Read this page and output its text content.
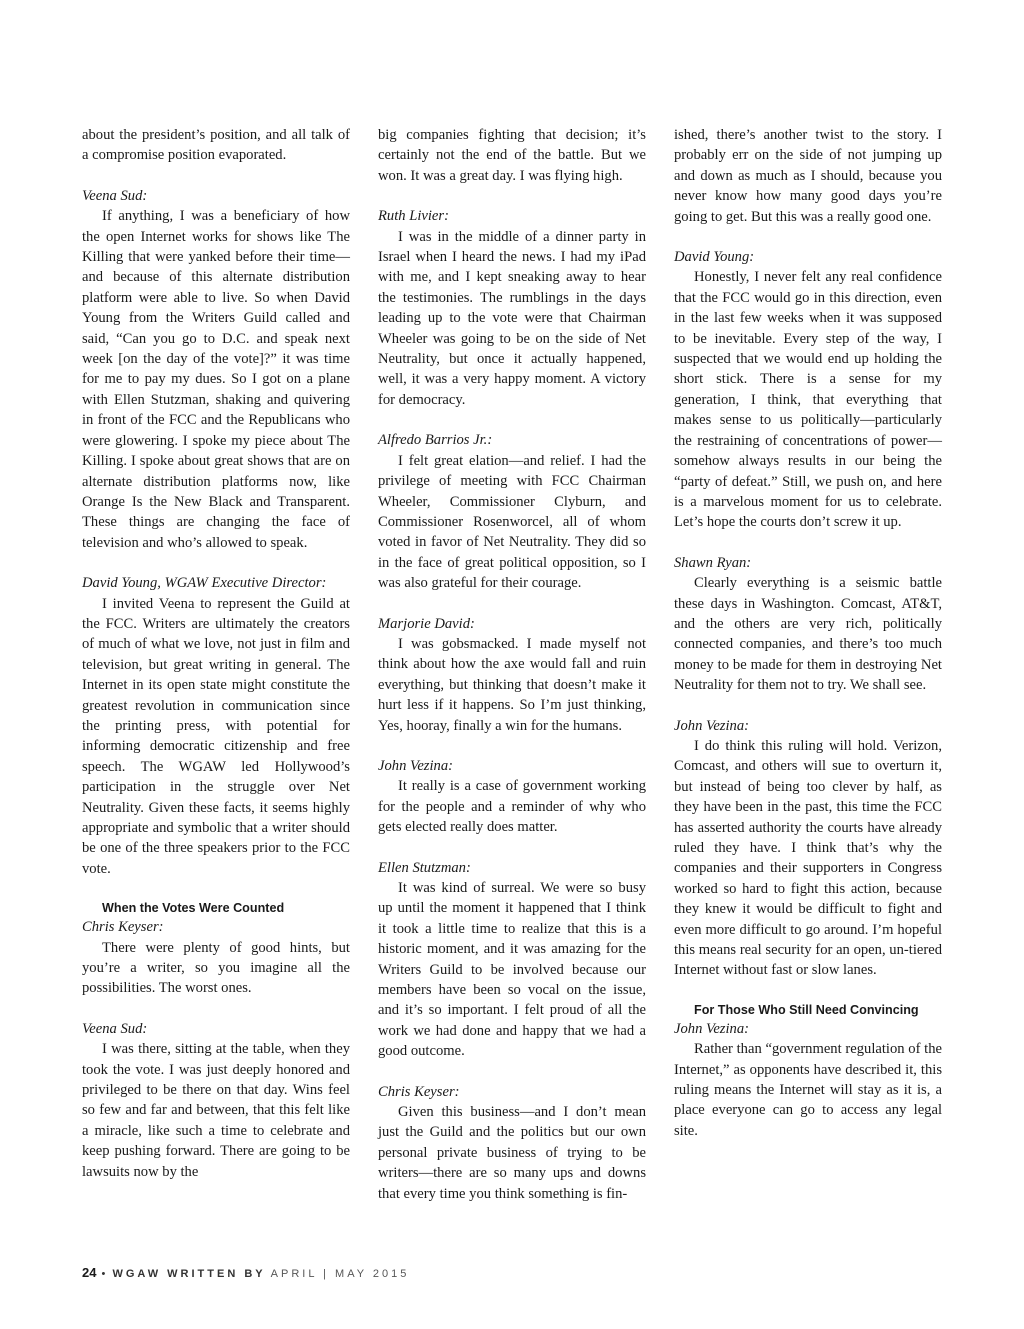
about the president’s position, and all talk of a compromise position evaporated.

Veena Sud:

If anything, I was a beneficiary of how the open Internet works for shows like The Killing that were yanked before their time—and because of this alternate distribution platform were able to live. So when David Young from the Writers Guild called and said, “Can you go to D.C. and speak next week [on the day of the vote]?” it was time for me to pay my dues. So I got on a plane with Ellen Stutzman, shaking and quivering in front of the FCC and the Republicans who were glowering. I spoke my piece about The Killing. I spoke about great shows that are on alternate distribution platforms now, like Orange Is the New Black and Transparent. These things are changing the face of television and who’s allowed to speak.

David Young, WGAW Executive Director:

I invited Veena to represent the Guild at the FCC. Writers are ultimately the creators of much of what we love, not just in film and television, but great writing in general. The Internet in its open state might constitute the greatest revolution in communication since the printing press, with potential for informing democratic citizenship and free speech. The WGAW led Hollywood’s participation in the struggle over Net Neutrality. Given these facts, it seems highly appropriate and symbolic that a writer should be one of the three speakers prior to the FCC vote.

When the Votes Were Counted

Chris Keyser:

There were plenty of good hints, but you’re a writer, so you imagine all the possibilities. The worst ones.

Veena Sud:

I was there, sitting at the table, when they took the vote. I was just deeply honored and privileged to be there on that day. Wins feel so few and far and between, that this felt like a miracle, like such a time to celebrate and keep pushing forward. There are going to be lawsuits now by the

big companies fighting that decision; it’s certainly not the end of the battle. But we won. It was a great day. I was flying high.

Ruth Livier:

I was in the middle of a dinner party in Israel when I heard the news. I had my iPad with me, and I kept sneaking away to hear the testimonies. The rumblings in the days leading up to the vote were that Chairman Wheeler was going to be on the side of Net Neutrality, but once it actually happened, well, it was a very happy moment. A victory for democracy.

Alfredo Barrios Jr.:

I felt great elation—and relief. I had the privilege of meeting with FCC Chairman Wheeler, Commissioner Clyburn, and Commissioner Rosenworcel, all of whom voted in favor of Net Neutrality. They did so in the face of great political opposition, so I was also grateful for their courage.

Marjorie David:

I was gobsmacked. I made myself not think about how the axe would fall and ruin everything, but thinking that doesn’t make it hurt less if it happens. So I’m just thinking, Yes, hooray, finally a win for the humans.

John Vezina:

It really is a case of government working for the people and a reminder of why who gets elected really does matter.

Ellen Stutzman:

It was kind of surreal. We were so busy up until the moment it happened that I think it took a little time to realize that this is a historic moment, and it was amazing for the Writers Guild to be involved because our members have been so vocal on the issue, and it’s so important. I felt proud of all the work we had done and happy that we had a good outcome.

Chris Keyser:

Given this business—and I don’t mean just the Guild and the politics but our own personal private business of trying to be writers—there are so many ups and downs that every time you think something is fin-

ished, there’s another twist to the story. I probably err on the side of not jumping up and down as much as I should, because you never know how many good days you’re going to get. But this was a really good one.

David Young:

Honestly, I never felt any real confidence that the FCC would go in this direction, even in the last few weeks when it was supposed to be inevitable. Every step of the way, I suspected that we would end up holding the short stick. There is a sense for my generation, I think, that everything that makes sense to us politically—particularly the restraining of concentrations of power—somehow always results in our being the “party of defeat.” Still, we push on, and here is a marvelous moment for us to celebrate. Let’s hope the courts don’t screw it up.

Shawn Ryan:

Clearly everything is a seismic battle these days in Washington. Comcast, AT&T, and the others are very rich, politically connected companies, and there’s too much money to be made for them in destroying Net Neutrality for them not to try. We shall see.

John Vezina:

I do think this ruling will hold. Verizon, Comcast, and others will sue to overturn it, but instead of being too clever by half, as they have been in the past, this time the FCC has asserted authority the courts have already ruled they have. I think that’s why the companies and their supporters in Congress worked so hard to fight this action, because they knew it would be difficult to fight and even more difficult to go around. I’m hopeful this means real security for an open, un-tiered Internet without fast or slow lanes.

For Those Who Still Need Convincing

John Vezina:

Rather than “government regulation of the Internet,” as opponents have described it, this ruling means the Internet will stay as it is, a place everyone can go to access any legal site.

24 • WGAW WRITTEN BY APRIL | MAY 2015
